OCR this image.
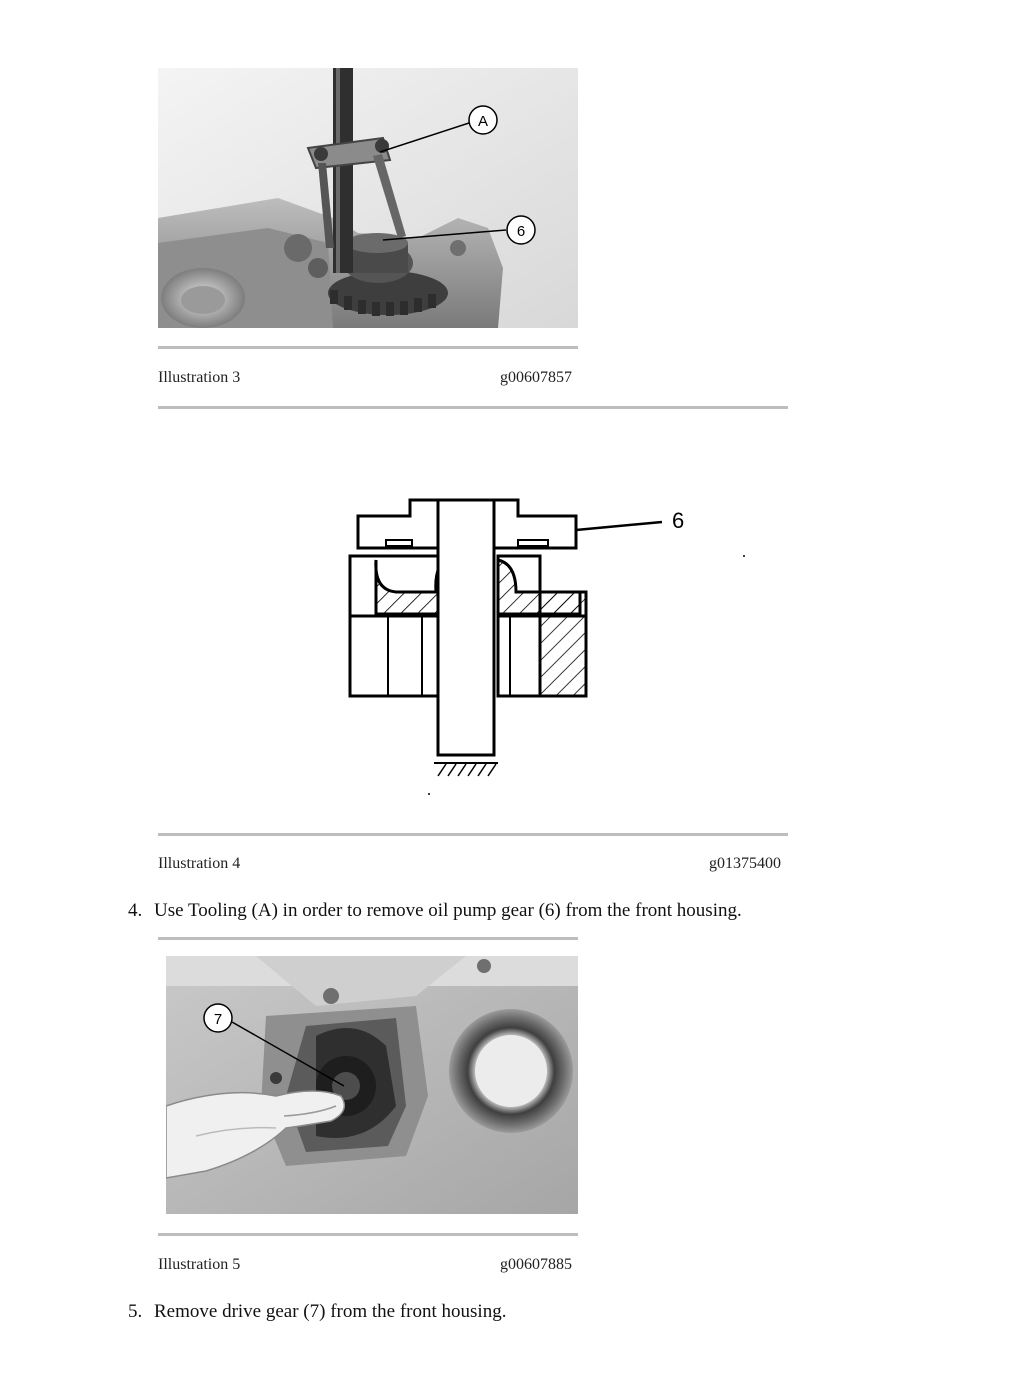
A
6
Illustration 3	g00607857
6
Illustration 4	g01375400
4. Use Tooling (A) in order to remove oil pump gear (6) from the front housing.
7
Illustration 5	g00607885
5. Remove drive gear (7) from the front housing.
